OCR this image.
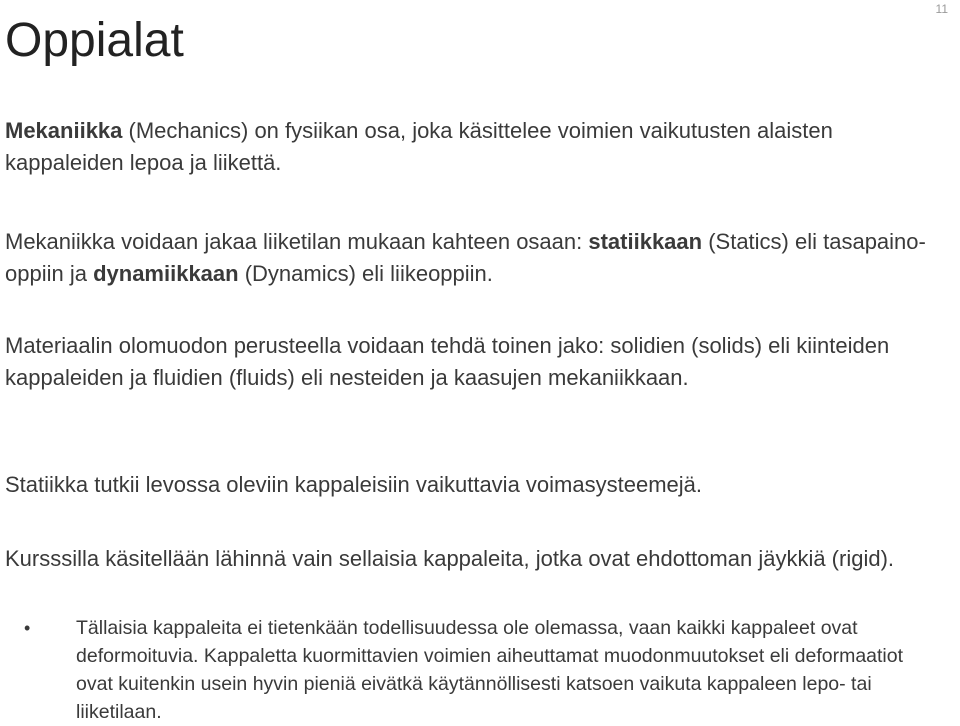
11
Oppialat

Mekaniikka (Mechanics) on fysiikan osa, joka käsittelee voimien vaikutusten alaisten kappaleiden lepoa ja liikettä.

Mekaniikka voidaan jakaa liiketilan mukaan kahteen osaan: statiikkaan (Statics) eli tasapaino-oppiin ja dynamiikkaan (Dynamics) eli liikeoppiin.

Materiaalin olomuodon perusteella voidaan tehdä toinen jako: solidien (solids) eli kiinteiden kappaleiden ja fluidien (fluids) eli nesteiden ja kaasujen mekaniikkaan.

Statiikka tutkii levossa oleviin kappaleisiin vaikuttavia voimasysteemejä.

Kursssilla käsitellään lähinnä vain sellaisia kappaleita, jotka ovat ehdottoman jäykkiä (rigid).

•	Tällaisia kappaleita ei tietenkään todellisuudessa ole olemassa, vaan kaikki kappaleet ovat deformoituvia. Kappaletta kuormittavien voimien aiheuttamat muodonmuutokset eli deformaatiot ovat kuitenkin usein hyvin pieniä eivätkä käytännöllisesti katsoen vaikuta kappaleen lepo- tai liiketilaan.
